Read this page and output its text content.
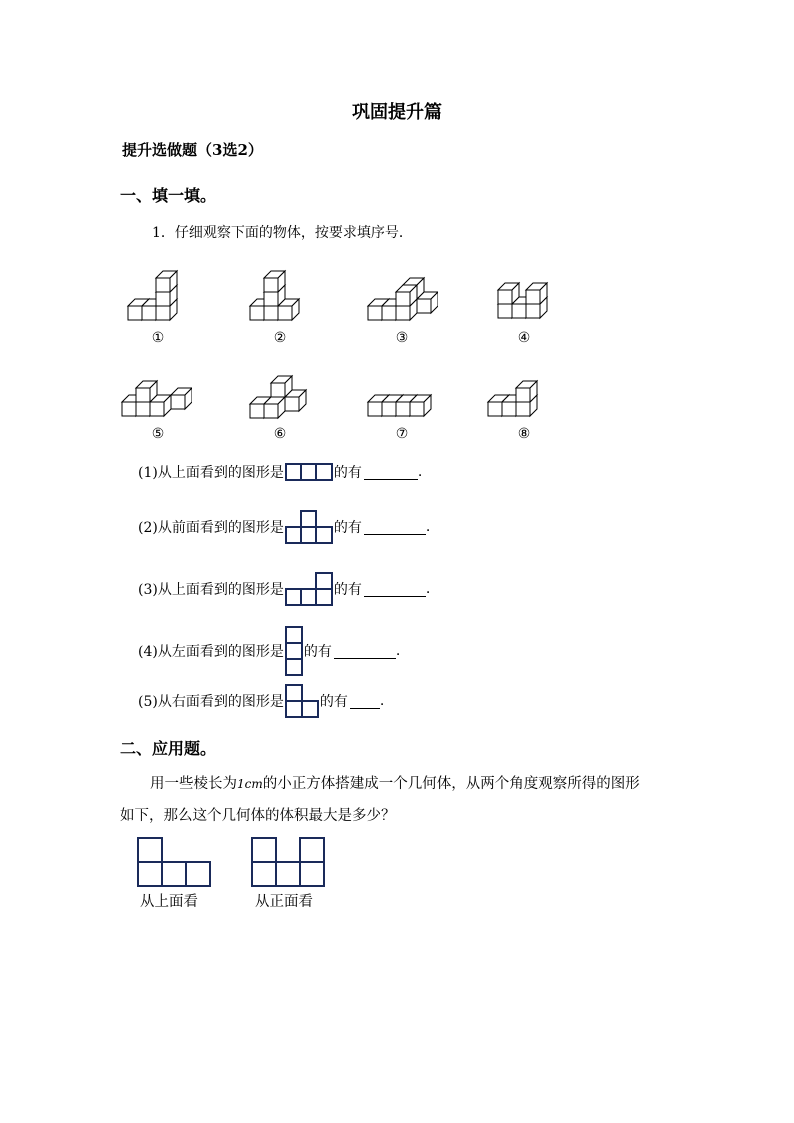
巩固提升篇
提升选做题（3选2）
一、填一填。
1．仔细观察下面的物体，按要求填序号．
①	②	③	④
⑤	⑥	⑦	⑧
(1)从上面看到的图形是	的有	.
(2)从前面看到的图形是	的有	.
(3)从上面看到的图形是	的有	.
(4)从左面看到的图形是 的有	.
(5)从右面看到的图形是	的有 .
二、应用题。
用一些棱长为1cm的小正方体搭建成一个几何体，从两个角度观察所得的图形
如下，那么这个几何体的体积最大是多少？
从上面看	从正面看
